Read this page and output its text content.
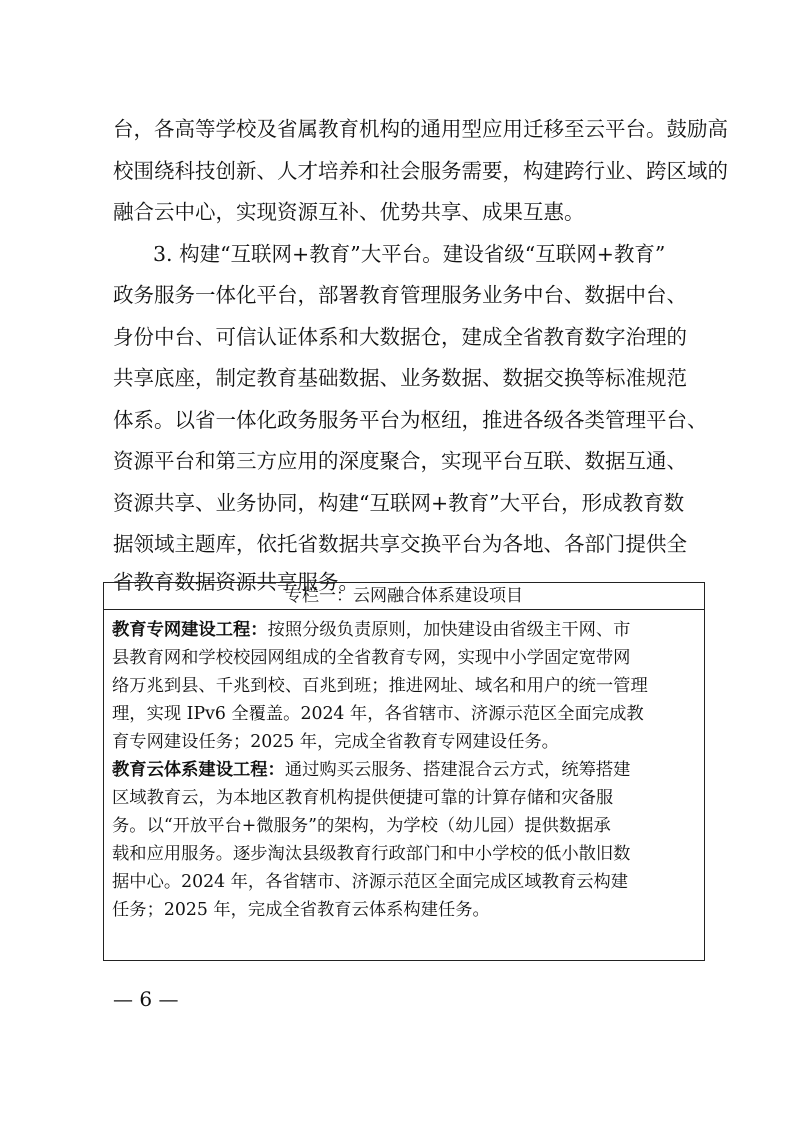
台，各高等学校及省属教育机构的通用型应用迁移至云平台。鼓励高
校围绕科技创新、人才培养和社会服务需要，构建跨行业、跨区域的
融合云中心，实现资源互补、优势共享、成果互惠。
3. 构建“互联网+教育”大平台。建设省级“互联网+教育”
政务服务一体化平台，部署教育管理服务业务中台、数据中台、
身份中台、可信认证体系和大数据仓，建成全省教育数字治理的
共享底座，制定教育基础数据、业务数据、数据交换等标准规范
体系。以省一体化政务服务平台为枢纽，推进各级各类管理平台、
资源平台和第三方应用的深度聚合，实现平台互联、数据互通、
资源共享、业务协同，构建“互联网+教育”大平台，形成教育数
据领域主题库，依托省数据共享交换平台为各地、各部门提供全
省教育数据资源共享服务。
专栏一：云网融合体系建设项目
教育专网建设工程：按照分级负责原则，加快建设由省级主干网、市
县教育网和学校校园网组成的全省教育专网，实现中小学固定宽带网
络万兆到县、千兆到校、百兆到班；推进网址、域名和用户的统一管理
理，实现 IPv6 全覆盖。2024 年，各省辖市、济源示范区全面完成教
育专网建设任务；2025 年，完成全省教育专网建设任务。
教育云体系建设工程：通过购买云服务、搭建混合云方式，统筹搭建
区域教育云，为本地区教育机构提供便捷可靠的计算存储和灾备服
务。以“开放平台+微服务”的架构，为学校（幼儿园）提供数据承
载和应用服务。逐步淘汰县级教育行政部门和中小学校的低小散旧数
据中心。2024 年，各省辖市、济源示范区全面完成区域教育云构建
任务；2025 年，完成全省教育云体系构建任务。
— 6 —
